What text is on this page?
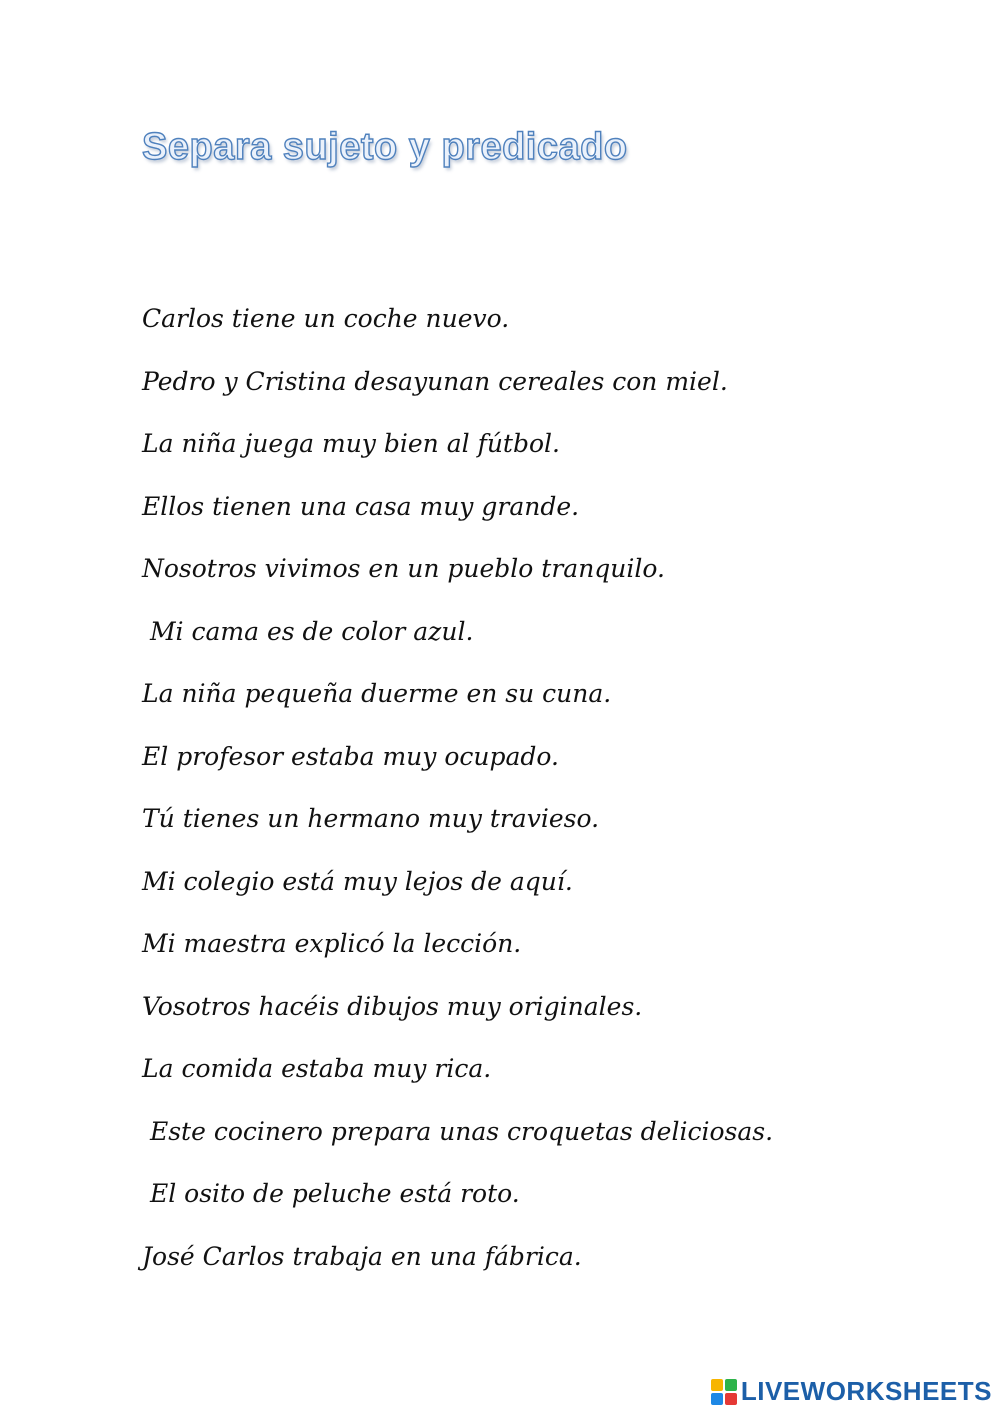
Separa sujeto y predicado
Carlos tiene un coche nuevo.
Pedro y Cristina desayunan cereales con miel.
La niña juega muy bien al fútbol.
Ellos tienen una casa muy grande.
Nosotros vivimos en un pueblo tranquilo.
Mi cama es de color azul.
La niña pequeña duerme en su cuna.
El profesor estaba muy ocupado.
Tú tienes un hermano muy travieso.
Mi colegio está muy lejos de aquí.
Mi maestra explicó la lección.
Vosotros hacéis dibujos muy originales.
La comida estaba muy rica.
Este cocinero prepara unas croquetas deliciosas.
El osito de peluche está roto.
José Carlos trabaja en una fábrica.
LIVEWORKSHEETS
